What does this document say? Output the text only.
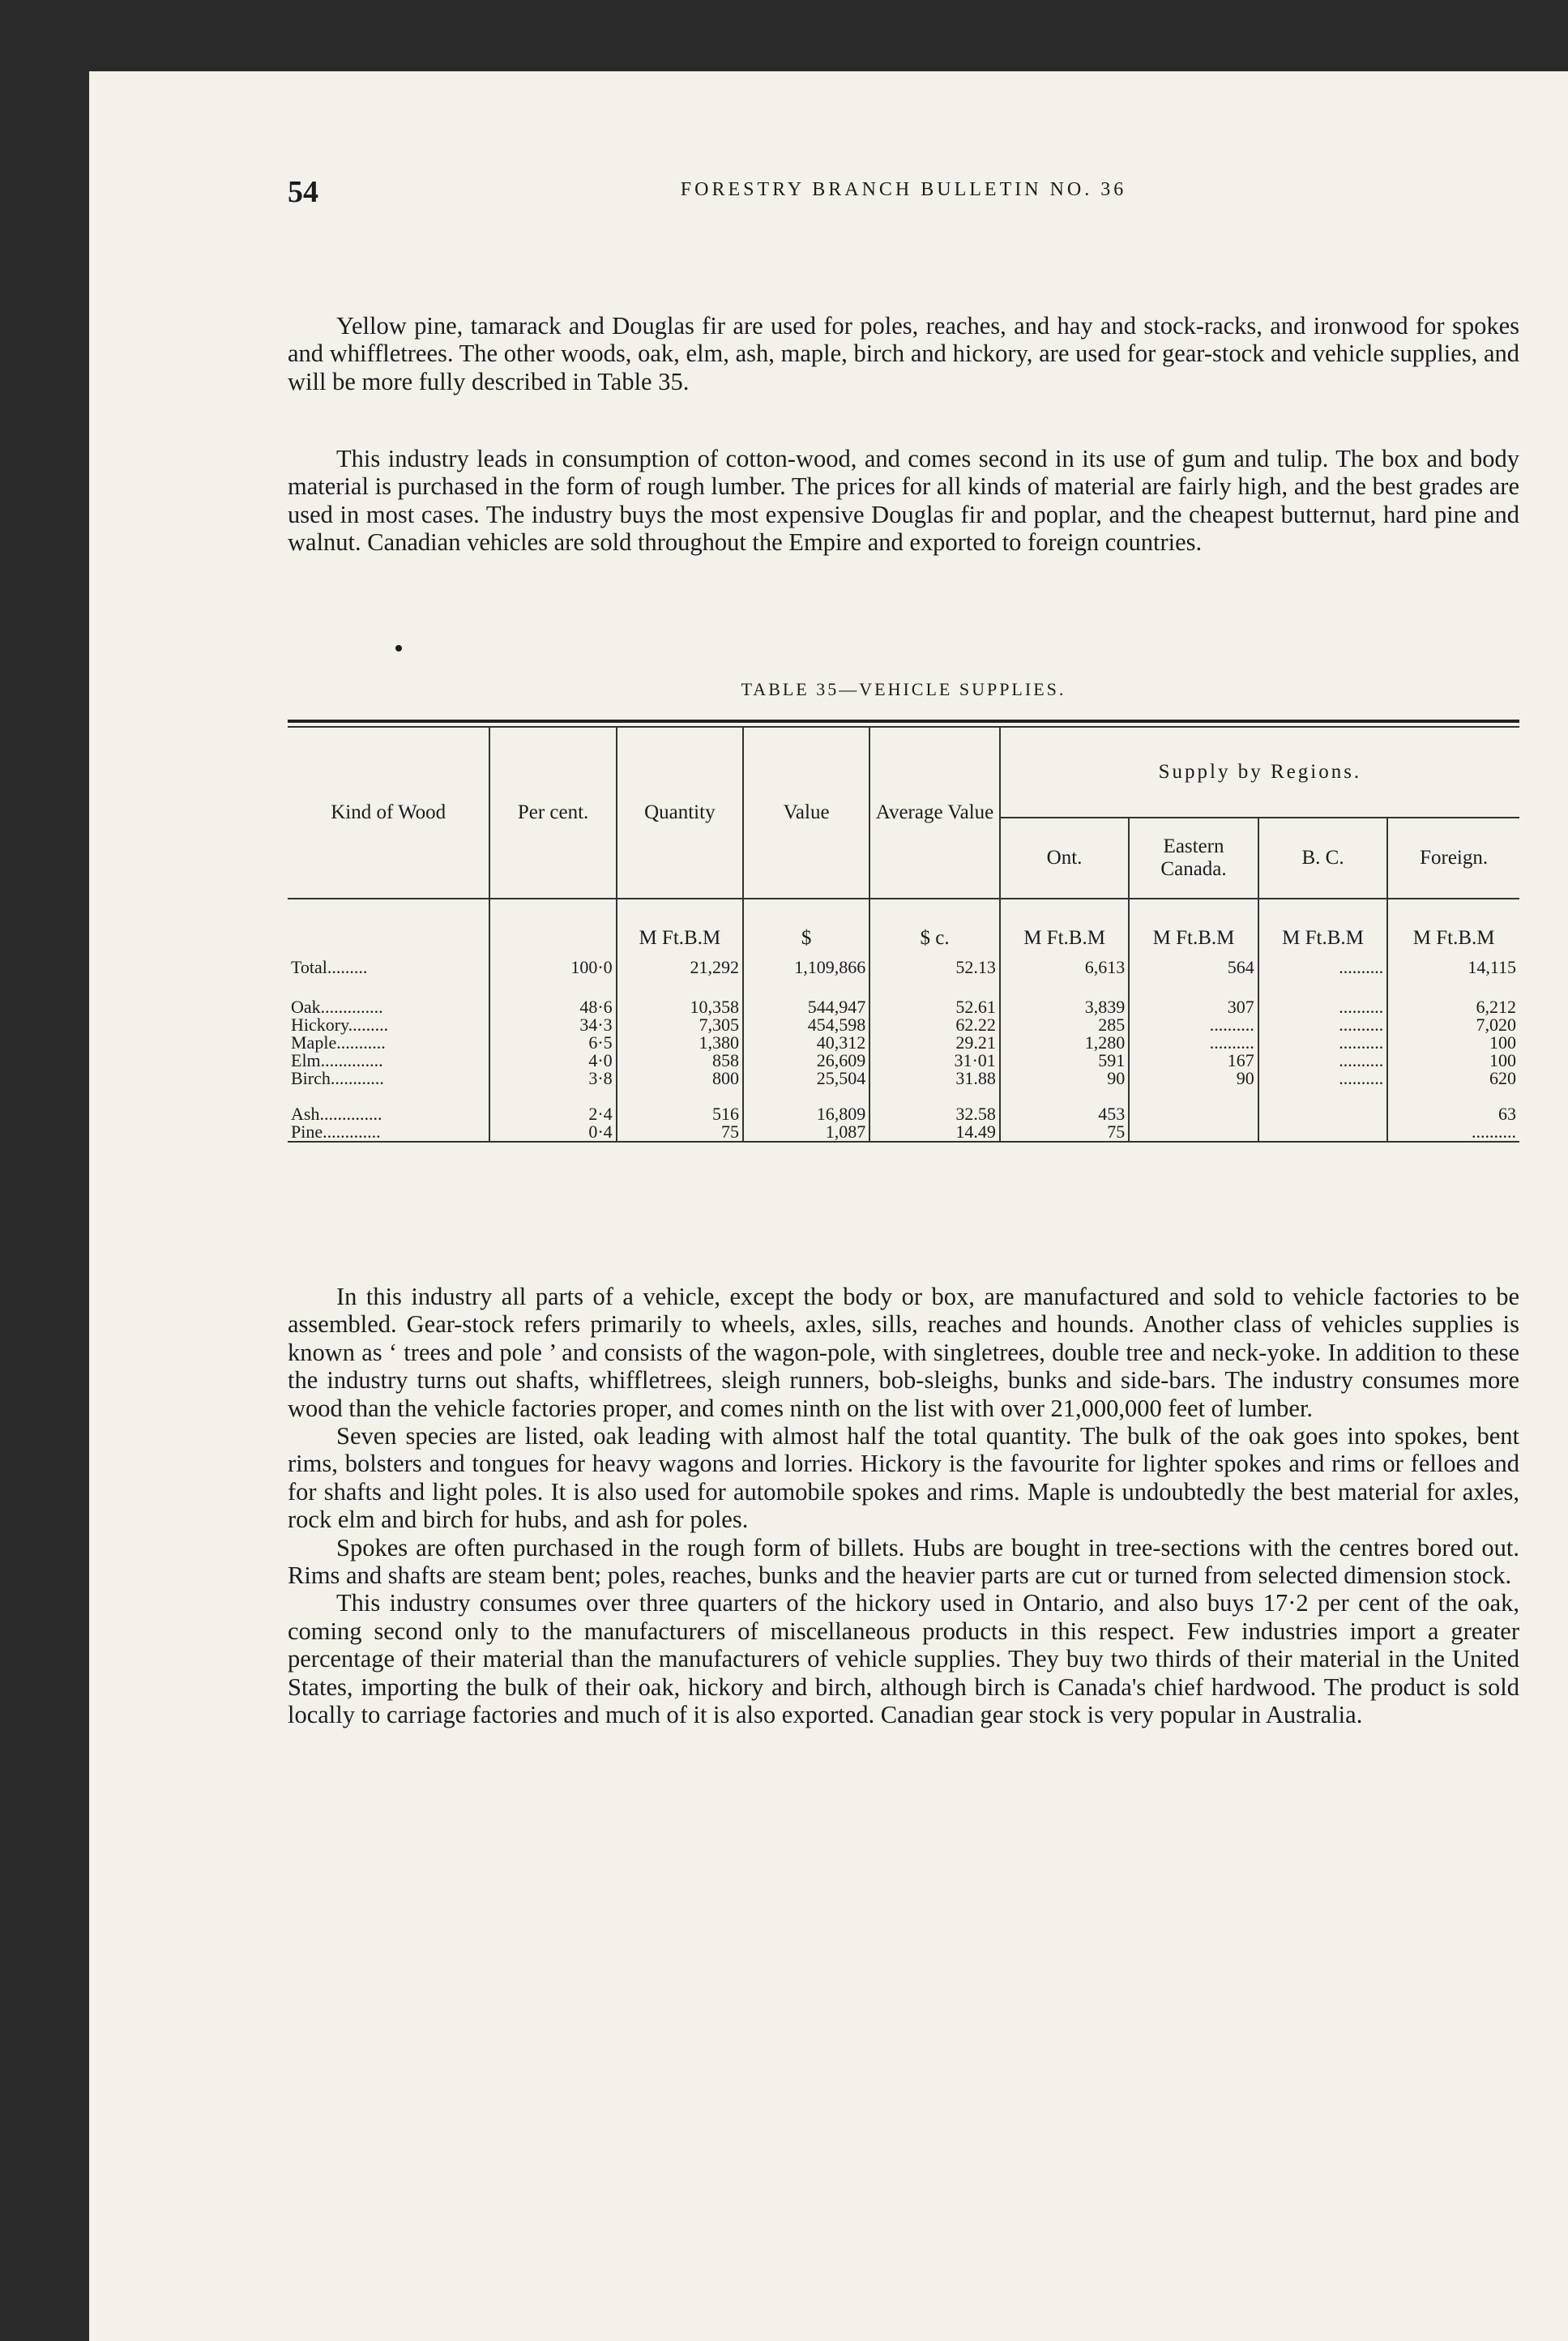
54	FORESTRY BRANCH BULLETIN NO. 36

Yellow pine, tamarack and Douglas fir are used for poles, reaches, and hay and stock-racks, and ironwood for spokes and whiffletrees. The other woods, oak, elm, ash, maple, birch and hickory, are used for gear-stock and vehicle supplies, and will be more fully described in Table 35.

This industry leads in consumption of cotton-wood, and comes second in its use of gum and tulip. The box and body material is purchased in the form of rough lumber. The prices for all kinds of material are fairly high, and the best grades are used in most cases. The industry buys the most expensive Douglas fir and poplar, and the cheapest butternut, hard pine and walnut. Canadian vehicles are sold throughout the Empire and exported to foreign countries.

TABLE 35—VEHICLE SUPPLIES.
Kind of Wood	Per cent.	Quantity	Value	Average Value	Supply by Regions.			
					Ont.	Eastern Canada.	B. C.	Foreign.

		M Ft.B.M	$	$ c.	M Ft.B.M	M Ft.B.M	M Ft.B.M	M Ft.B.M
Total.........	100·0	21,292	1,109,866	52.13	6,613	564	..........	14,115

Oak..............	48·6	10,358	544,947	52.61	3,839	307	..........	6,212
Hickory.........	34·3	7,305	454,598	62.22	285	..........	..........	7,020
Maple...........	6·5	1,380	40,312	29.21	1,280	..........	..........	100
Elm..............	4·0	858	26,609	31·01	591	167	..........	100
Birch............	3·8	800	25,504	31.88	90	90	..........	620

Ash..............	2·4	516	16,809	32.58	453			63
Pine.............	0·4	75	1,087	14.49	75			..........

In this industry all parts of a vehicle, except the body or box, are manufactured and sold to vehicle factories to be assembled. Gear-stock refers primarily to wheels, axles, sills, reaches and hounds. Another class of vehicles supplies is known as ‘ trees and pole ’ and consists of the wagon-pole, with singletrees, double tree and neck-yoke. In addition to these the industry turns out shafts, whiffletrees, sleigh runners, bob-sleighs, bunks and side-bars. The industry consumes more wood than the vehicle factories proper, and comes ninth on the list with over 21,000,000 feet of lumber.

Seven species are listed, oak leading with almost half the total quantity. The bulk of the oak goes into spokes, bent rims, bolsters and tongues for heavy wagons and lorries. Hickory is the favourite for lighter spokes and rims or felloes and for shafts and light poles. It is also used for automobile spokes and rims. Maple is undoubtedly the best material for axles, rock elm and birch for hubs, and ash for poles.

Spokes are often purchased in the rough form of billets. Hubs are bought in tree-sections with the centres bored out. Rims and shafts are steam bent; poles, reaches, bunks and the heavier parts are cut or turned from selected dimension stock.

This industry consumes over three quarters of the hickory used in Ontario, and also buys 17·2 per cent of the oak, coming second only to the manufacturers of miscellaneous products in this respect. Few industries import a greater percentage of their material than the manufacturers of vehicle supplies. They buy two thirds of their material in the United States, importing the bulk of their oak, hickory and birch, although birch is Canada's chief hardwood. The product is sold locally to carriage factories and much of it is also exported. Canadian gear stock is very popular in Australia.
